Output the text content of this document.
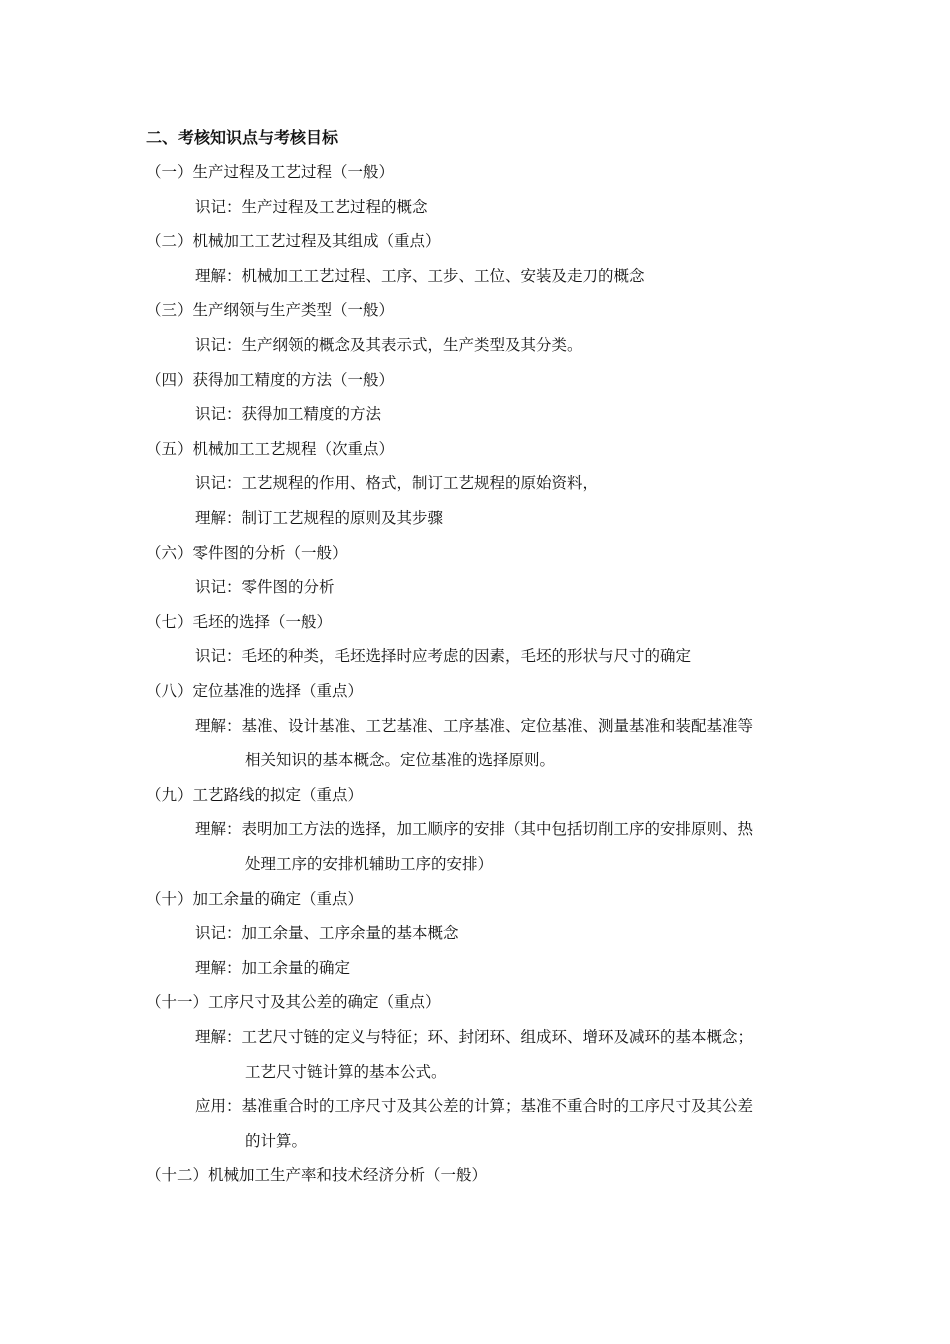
二、考核知识点与考核目标
（一）生产过程及工艺过程（一般）
识记：生产过程及工艺过程的概念
（二）机械加工工艺过程及其组成（重点）
理解：机械加工工艺过程、工序、工步、工位、安装及走刀的概念
（三）生产纲领与生产类型（一般）
识记：生产纲领的概念及其表示式，生产类型及其分类。
（四）获得加工精度的方法（一般）
识记：获得加工精度的方法
（五）机械加工工艺规程（次重点）
识记：工艺规程的作用、格式，制订工艺规程的原始资料，
理解：制订工艺规程的原则及其步骤
（六）零件图的分析（一般）
识记：零件图的分析
（七）毛坯的选择（一般）
识记：毛坯的种类，毛坯选择时应考虑的因素，毛坯的形状与尺寸的确定
（八）定位基准的选择（重点）
理解：基准、设计基准、工艺基准、工序基准、定位基准、测量基准和装配基准等
相关知识的基本概念。定位基准的选择原则。
（九）工艺路线的拟定（重点）
理解：表明加工方法的选择，加工顺序的安排（其中包括切削工序的安排原则、热
处理工序的安排机辅助工序的安排）
（十）加工余量的确定（重点）
识记：加工余量、工序余量的基本概念
理解：加工余量的确定
（十一）工序尺寸及其公差的确定（重点）
理解：工艺尺寸链的定义与特征；环、封闭环、组成环、增环及减环的基本概念；
工艺尺寸链计算的基本公式。
应用：基准重合时的工序尺寸及其公差的计算；基准不重合时的工序尺寸及其公差
的计算。
（十二）机械加工生产率和技术经济分析（一般）
